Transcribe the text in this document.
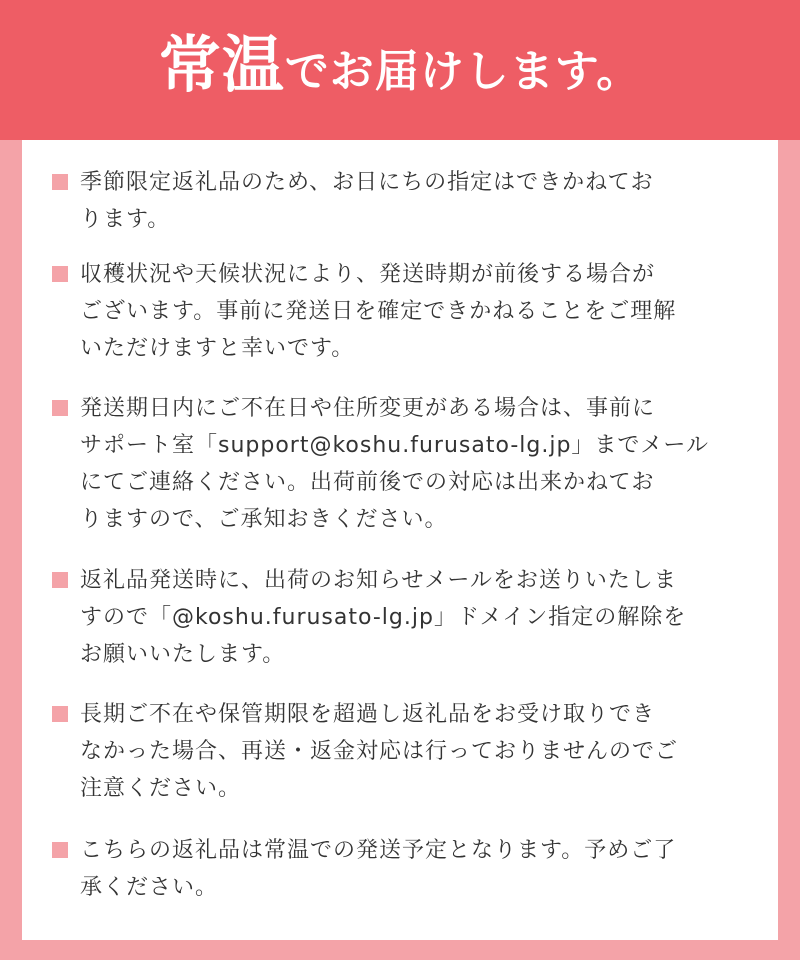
常温でお届けします。
季節限定返礼品のため、お日にちの指定はできかねてお
ります。
収穫状況や天候状況により、発送時期が前後する場合が
ございます。事前に発送日を確定できかねることをご理解
いただけますと幸いです。
発送期日内にご不在日や住所変更がある場合は、事前に
サポート室「support@koshu.furusato-lg.jp」までメール
にてご連絡ください。出荷前後での対応は出来かねてお
りますので、ご承知おきください。
返礼品発送時に、出荷のお知らせメールをお送りいたしま
すので「@koshu.furusato-lg.jp」ドメイン指定の解除を
お願いいたします。
長期ご不在や保管期限を超過し返礼品をお受け取りでき
なかった場合、再送・返金対応は行っておりませんのでご
注意ください。
こちらの返礼品は常温での発送予定となります。予めご了
承ください。
